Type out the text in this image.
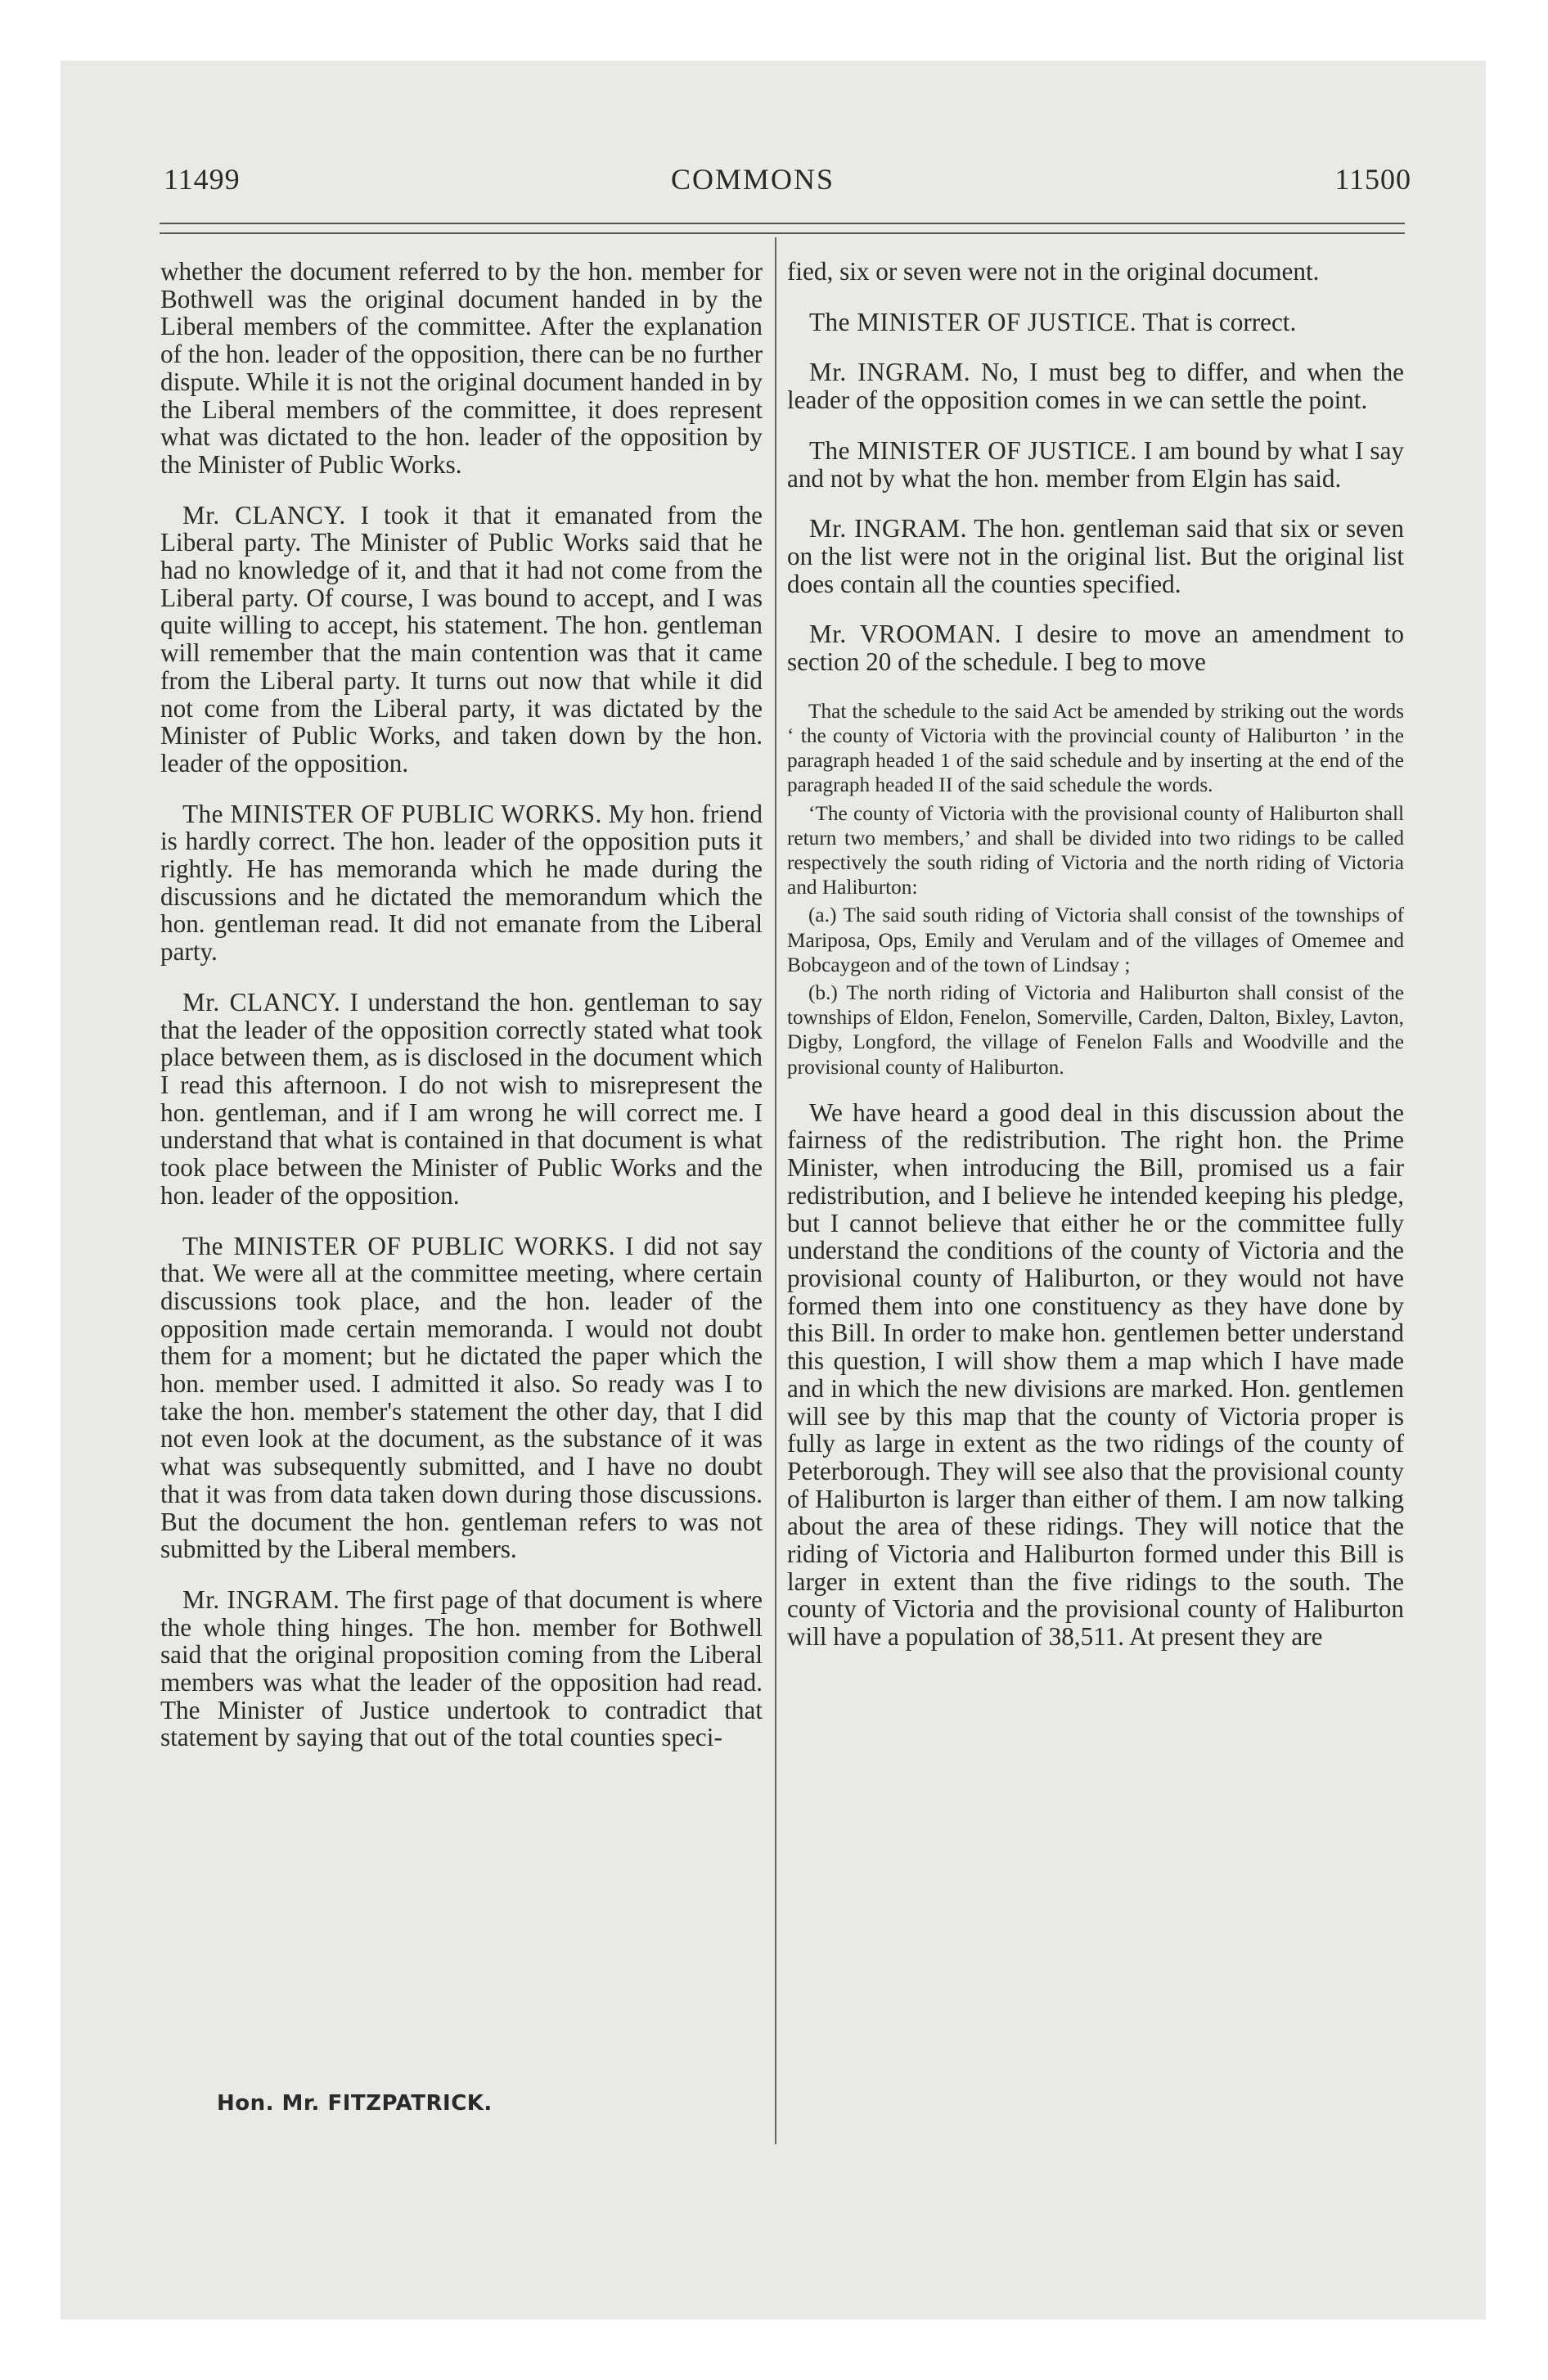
11499	COMMONS	11500

whether the document referred to by the hon. member for Bothwell was the original document handed in by the Liberal members of the committee. After the explanation of the hon. leader of the opposition, there can be no further dispute. While it is not the original document handed in by the Liberal members of the committee, it does represent what was dictated to the hon. leader of the opposition by the Minister of Public Works.

Mr. CLANCY. I took it that it emanated from the Liberal party. The Minister of Public Works said that he had no knowledge of it, and that it had not come from the Liberal party. Of course, I was bound to accept, and I was quite willing to accept, his statement. The hon. gentleman will remember that the main contention was that it came from the Liberal party. It turns out now that while it did not come from the Liberal party, it was dictated by the Minister of Public Works, and taken down by the hon. leader of the opposition.

The MINISTER OF PUBLIC WORKS. My hon. friend is hardly correct. The hon. leader of the opposition puts it rightly. He has memoranda which he made during the discussions and he dictated the memorandum which the hon. gentleman read. It did not emanate from the Liberal party.

Mr. CLANCY. I understand the hon. gentleman to say that the leader of the opposition correctly stated what took place between them, as is disclosed in the document which I read this afternoon. I do not wish to misrepresent the hon. gentleman, and if I am wrong he will correct me. I understand that what is contained in that document is what took place between the Minister of Public Works and the hon. leader of the opposition.

The MINISTER OF PUBLIC WORKS. I did not say that. We were all at the committee meeting, where certain discussions took place, and the hon. leader of the opposition made certain memoranda. I would not doubt them for a moment; but he dictated the paper which the hon. member used. I admitted it also. So ready was I to take the hon. member's statement the other day, that I did not even look at the document, as the substance of it was what was subsequently submitted, and I have no doubt that it was from data taken down during those discussions. But the document the hon. gentleman refers to was not submitted by the Liberal members.

Mr. INGRAM. The first page of that document is where the whole thing hinges. The hon. member for Bothwell said that the original proposition coming from the Liberal members was what the leader of the opposition had read. The Minister of Justice undertook to contradict that statement by saying that out of the total counties speci-

fied, six or seven were not in the original document.

The MINISTER OF JUSTICE. That is correct.

Mr. INGRAM. No, I must beg to differ, and when the leader of the opposition comes in we can settle the point.

The MINISTER OF JUSTICE. I am bound by what I say and not by what the hon. member from Elgin has said.

Mr. INGRAM. The hon. gentleman said that six or seven on the list were not in the original list. But the original list does contain all the counties specified.

Mr. VROOMAN. I desire to move an amendment to section 20 of the schedule. I beg to move

That the schedule to the said Act be amended by striking out the words ‘ the county of Victoria with the provincial county of Haliburton ’ in the paragraph headed 1 of the said schedule and by inserting at the end of the paragraph headed II of the said schedule the words.

‘The county of Victoria with the provisional county of Haliburton shall return two members,’ and shall be divided into two ridings to be called respectively the south riding of Victoria and the north riding of Victoria and Haliburton:

(a.) The said south riding of Victoria shall consist of the townships of Mariposa, Ops, Emily and Verulam and of the villages of Omemee and Bobcaygeon and of the town of Lindsay ;

(b.) The north riding of Victoria and Haliburton shall consist of the townships of Eldon, Fenelon, Somerville, Carden, Dalton, Bixley, Lavton, Digby, Longford, the village of Fenelon Falls and Woodville and the provisional county of Haliburton.

We have heard a good deal in this discussion about the fairness of the redistribution. The right hon. the Prime Minister, when introducing the Bill, promised us a fair redistribution, and I believe he intended keeping his pledge, but I cannot believe that either he or the committee fully understand the conditions of the county of Victoria and the provisional county of Haliburton, or they would not have formed them into one constituency as they have done by this Bill. In order to make hon. gentlemen better understand this question, I will show them a map which I have made and in which the new divisions are marked. Hon. gentlemen will see by this map that the county of Victoria proper is fully as large in extent as the two ridings of the county of Peterborough. They will see also that the provisional county of Haliburton is larger than either of them. I am now talking about the area of these ridings. They will notice that the riding of Victoria and Haliburton formed under this Bill is larger in extent than the five ridings to the south. The county of Victoria and the provisional county of Haliburton will have a population of 38,511. At present they are

Hon. Mr. FITZPATRICK.
